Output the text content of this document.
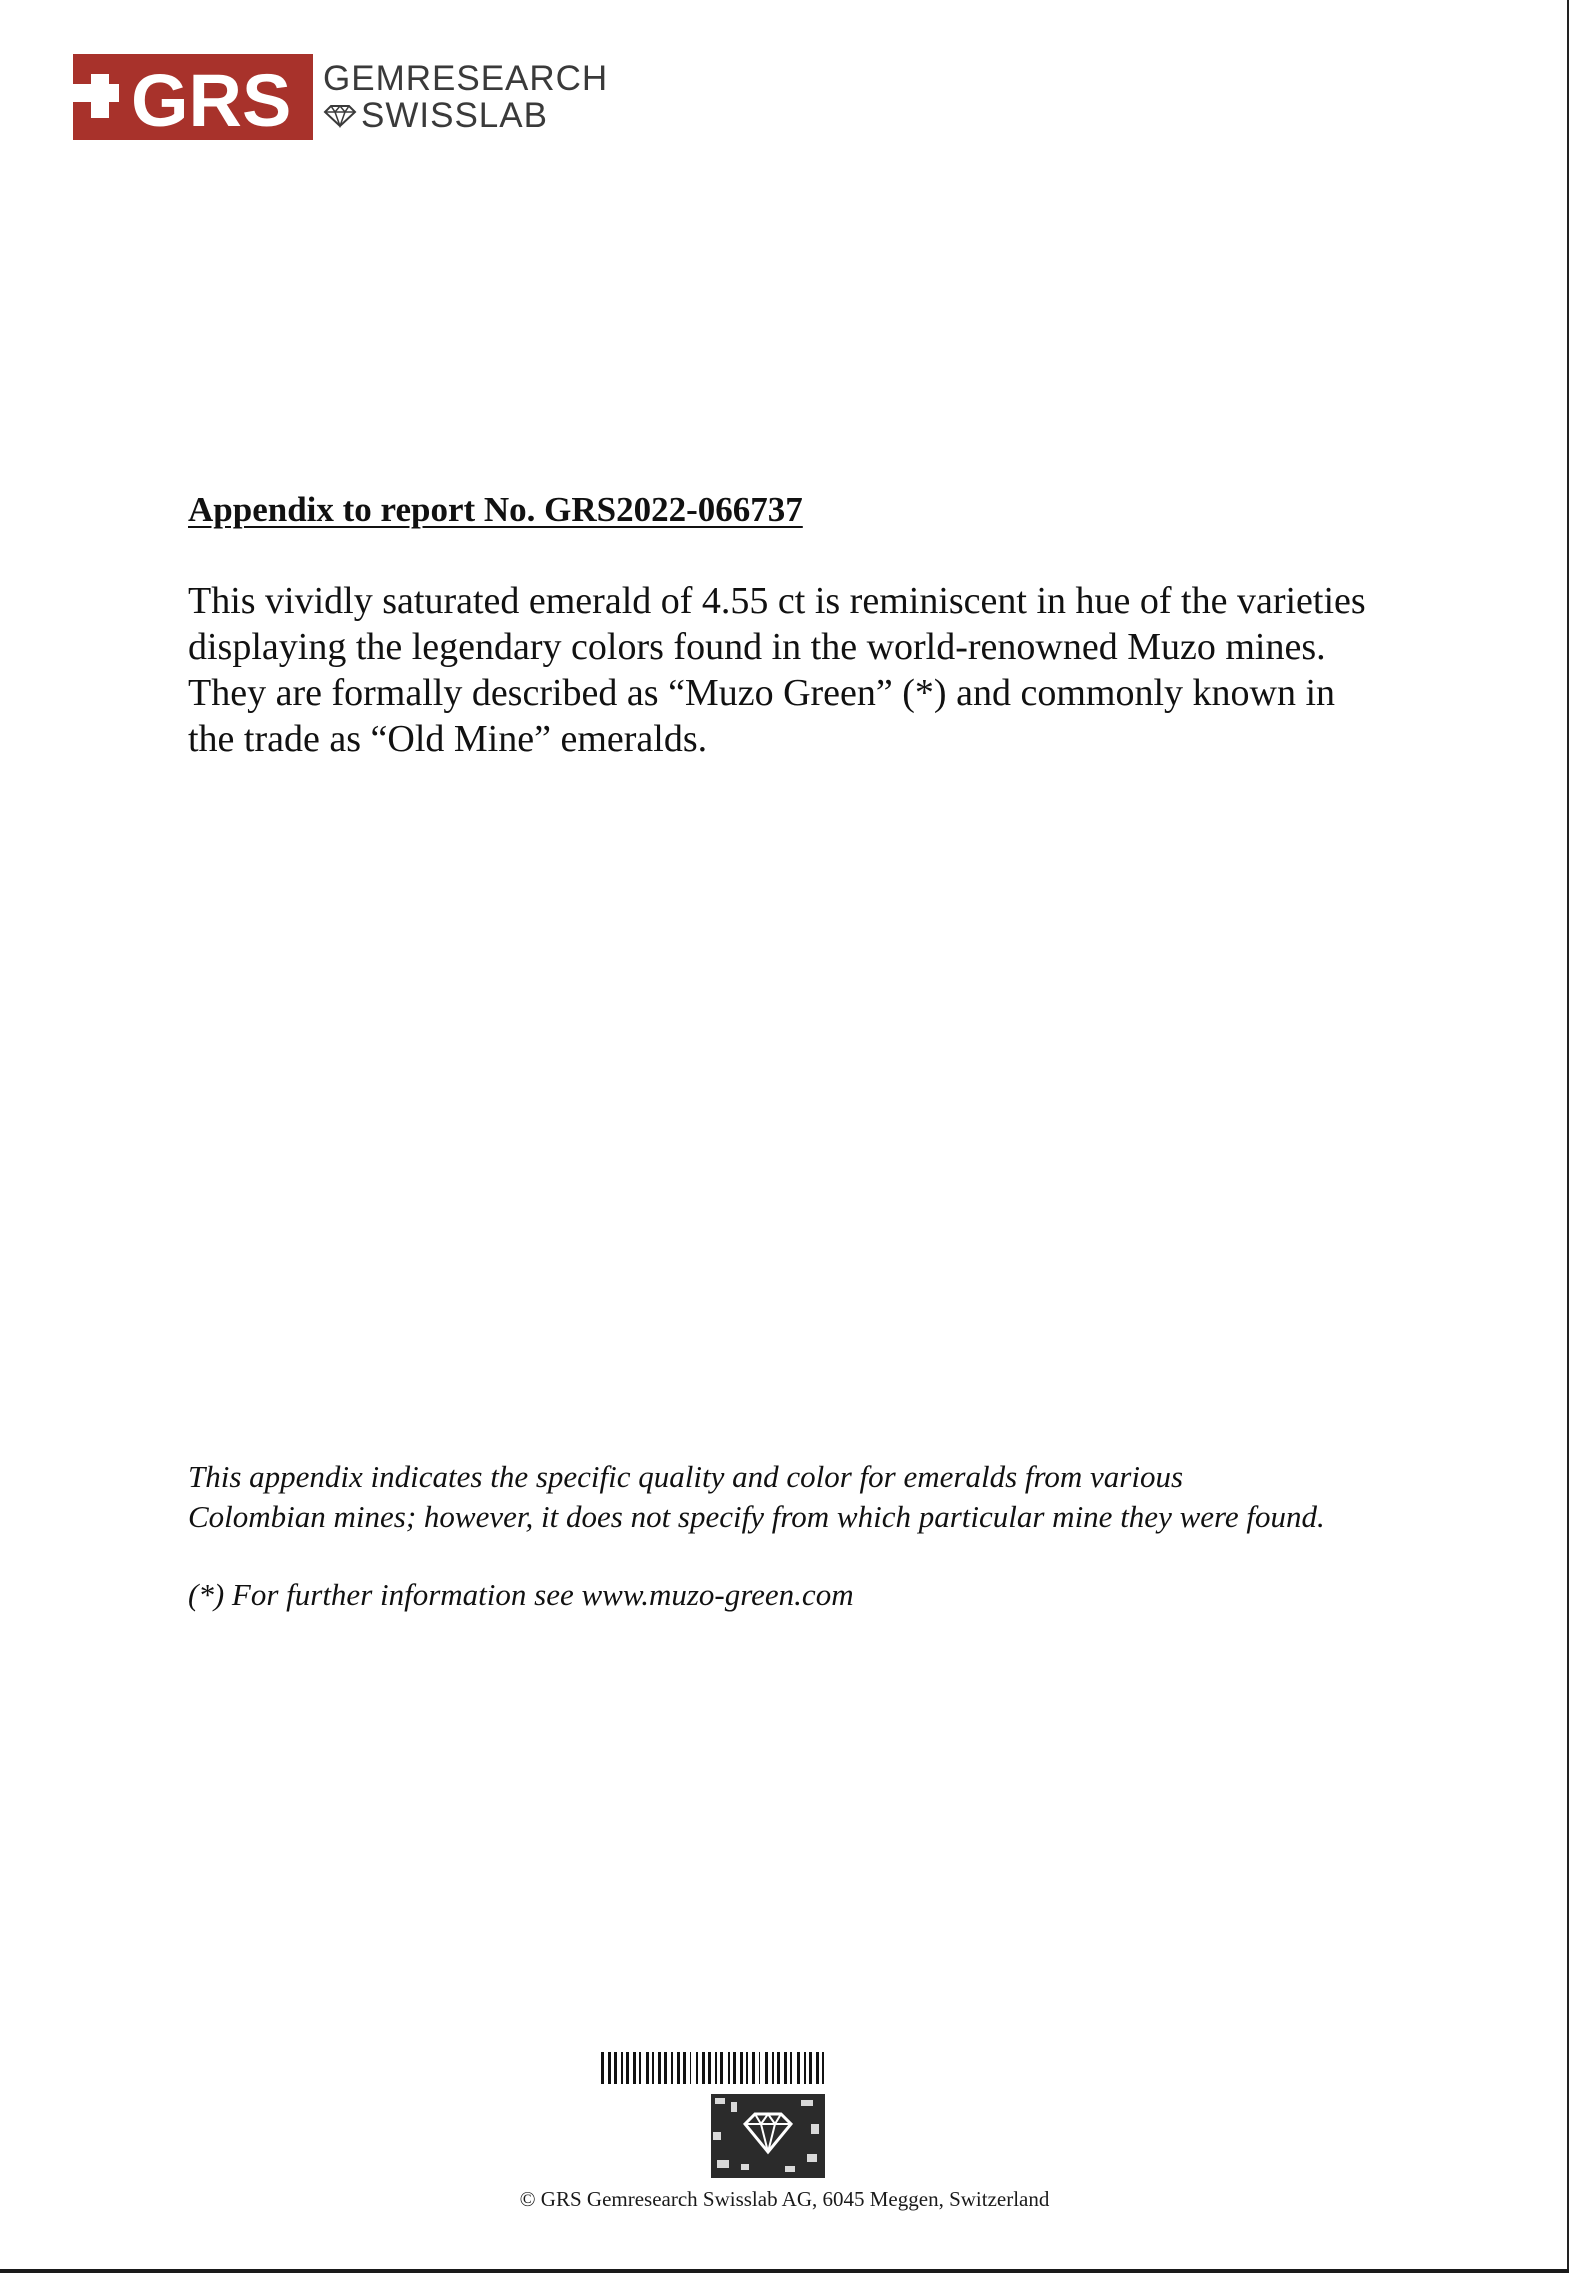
GRS GEMRESEARCH
SWISSLAB
Appendix to report No. GRS2022-066737
This vividly saturated emerald of 4.55 ct is reminiscent in hue of the varieties
displaying the legendary colors found in the world-renowned Muzo mines.
They are formally described as “Muzo Green” (*) and commonly known in
the trade as “Old Mine” emeralds.
This appendix indicates the specific quality and color for emeralds from various
Colombian mines; however, it does not specify from which particular mine they were found.
(*) For further information see www.muzo-green.com
© GRS Gemresearch Swisslab AG, 6045 Meggen, Switzerland
